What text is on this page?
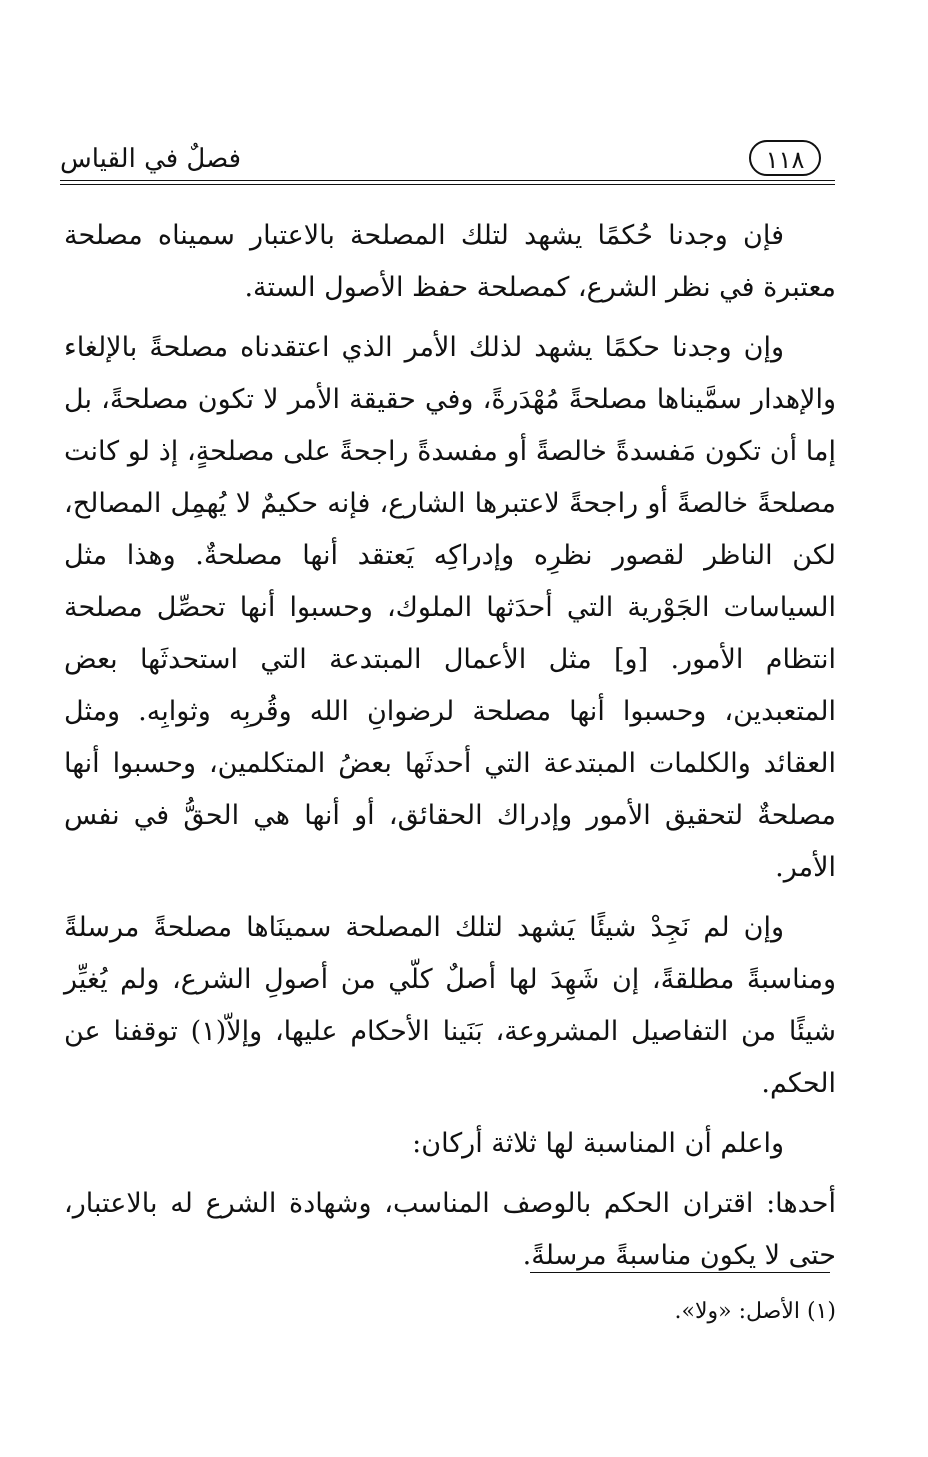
فصلٌ في القياس	١١٨

فإن وجدنا حُكمًا يشهد لتلك المصلحة بالاعتبار سميناه مصلحة معتبرة في نظر الشرع، كمصلحة حفظ الأصول الستة.

وإن وجدنا حكمًا يشهد لذلك الأمر الذي اعتقدناه مصلحةً بالإلغاء والإهدار سمَّيناها مصلحةً مُهْدَرةً، وفي حقيقة الأمر لا تكون مصلحةً، بل إما أن تكون مَفسدةً خالصةً أو مفسدةً راجحةً على مصلحةٍ، إذ لو كانت مصلحةً خالصةً أو راجحةً لاعتبرها الشارع، فإنه حكيمٌ لا يُهمِل المصالح، لكن الناظر لقصور نظرِه وإدراكِه يَعتقد أنها مصلحةٌ. وهذا مثل السياسات الجَوْرية التي أحدَثها الملوك، وحسبوا أنها تحصِّل مصلحة انتظام الأمور. [و] مثل الأعمال المبتدعة التي استحدثَها بعض المتعبدين، وحسبوا أنها مصلحة لرضوانِ الله وقُربِه وثوابِه. ومثل العقائد والكلمات المبتدعة التي أحدثَها بعضُ المتكلمين، وحسبوا أنها مصلحةٌ لتحقيق الأمور وإدراك الحقائق، أو أنها هي الحقُّ في نفس الأمر.

وإن لم نَجِدْ شيئًا يَشهد لتلك المصلحة سمينَاها مصلحةً مرسلةً ومناسبةً مطلقةً، إن شَهِدَ لها أصلٌ كلّي من أصولِ الشرع، ولم يُغيِّر شيئًا من التفاصيل المشروعة، بَنَينا الأحكام عليها، وإلاّ(١) توقفنا عن الحكم.

واعلم أن المناسبة لها ثلاثة أركان:

أحدها: اقتران الحكم بالوصف المناسب، وشهادة الشرع له بالاعتبار، حتى لا يكون مناسبةً مرسلةً.

(١) الأصل: «ولا».
